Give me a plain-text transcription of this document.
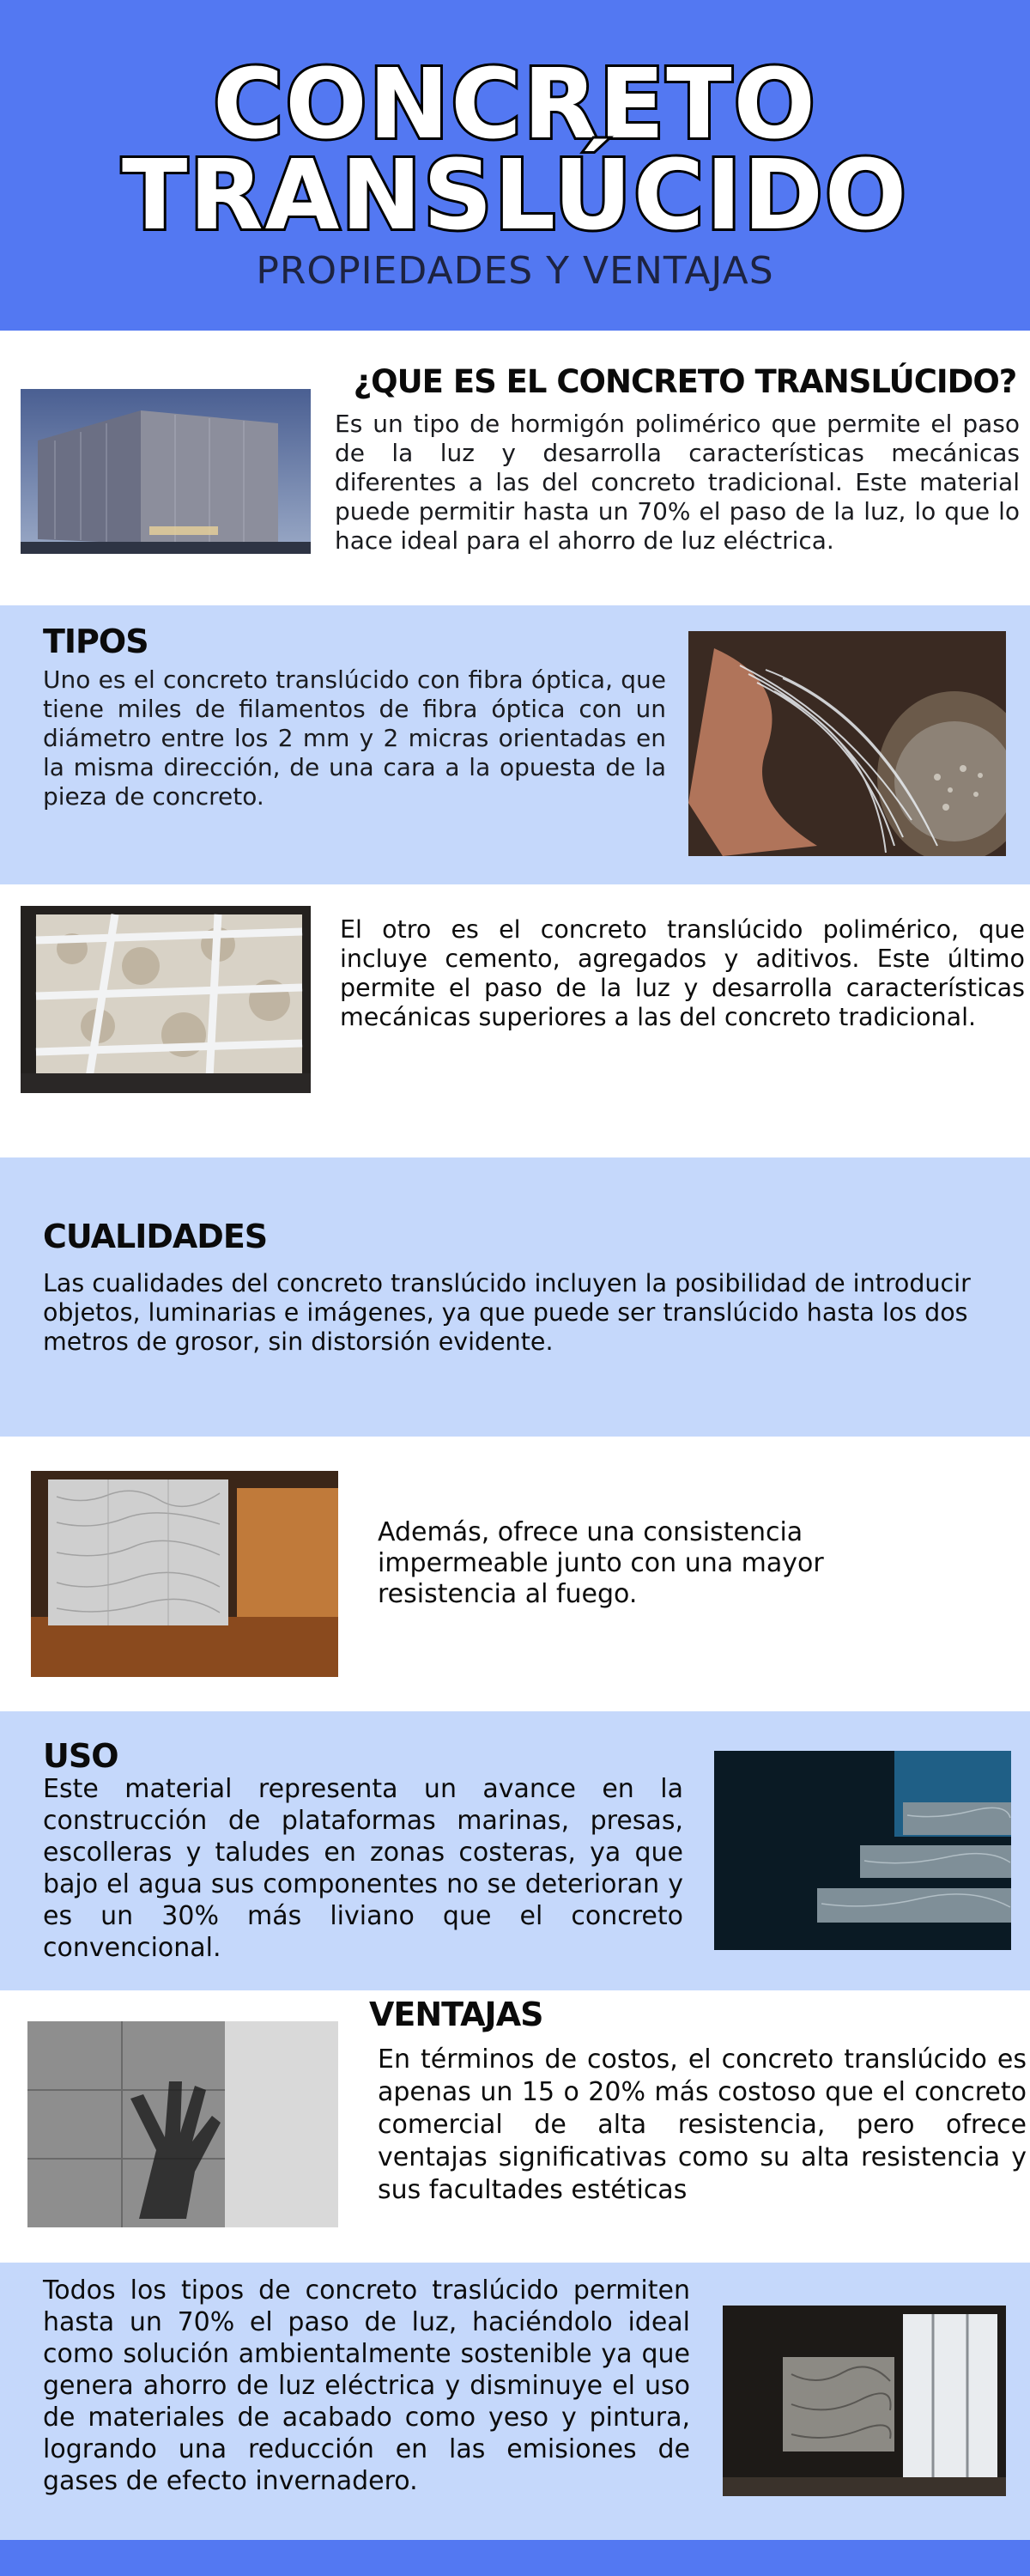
CONCRETO
TRANSLÚCIDO
PROPIEDADES Y VENTAJAS
¿QUE ES EL CONCRETO TRANSLÚCIDO?
Es un tipo de hormigón polimérico que permite el paso de la luz y desarrolla características mecánicas diferentes a las del concreto tradicional. Este material puede permitir hasta un 70% el paso de la luz, lo que lo hace ideal para el ahorro de luz eléctrica.
TIPOS
Uno es el concreto translúcido con fibra óptica, que tiene miles de filamentos de fibra óptica con un diámetro entre los 2 mm y 2 micras orientadas en la misma dirección, de una cara a la opuesta de la pieza de concreto.
El otro es el concreto translúcido polimérico, que incluye cemento, agregados y aditivos. Este último permite el paso de la luz y desarrolla características mecánicas superiores a las del concreto tradicional.
CUALIDADES
Las cualidades del concreto translúcido incluyen la posibilidad de introducir objetos, luminarias e imágenes, ya que puede ser translúcido hasta los dos metros de grosor, sin distorsión evidente.
Además, ofrece una consistencia impermeable junto con una mayor resistencia al fuego.
USO
Este material representa un avance en la construcción de plataformas marinas, presas, escolleras y taludes en zonas costeras, ya que bajo el agua sus componentes no se deterioran y es un 30% más liviano que el concreto convencional.
VENTAJAS
En términos de costos, el concreto translúcido es apenas un 15 o 20% más costoso que el concreto comercial de alta resistencia, pero ofrece ventajas significativas como su alta resistencia y sus facultades estéticas
Todos los tipos de concreto traslúcido permiten hasta un 70% el paso de luz, haciéndolo ideal como solución ambientalmente sostenible ya que genera ahorro de luz eléctrica y disminuye el uso de materiales de acabado como yeso y pintura, logrando una reducción en las emisiones de gases de efecto invernadero.
